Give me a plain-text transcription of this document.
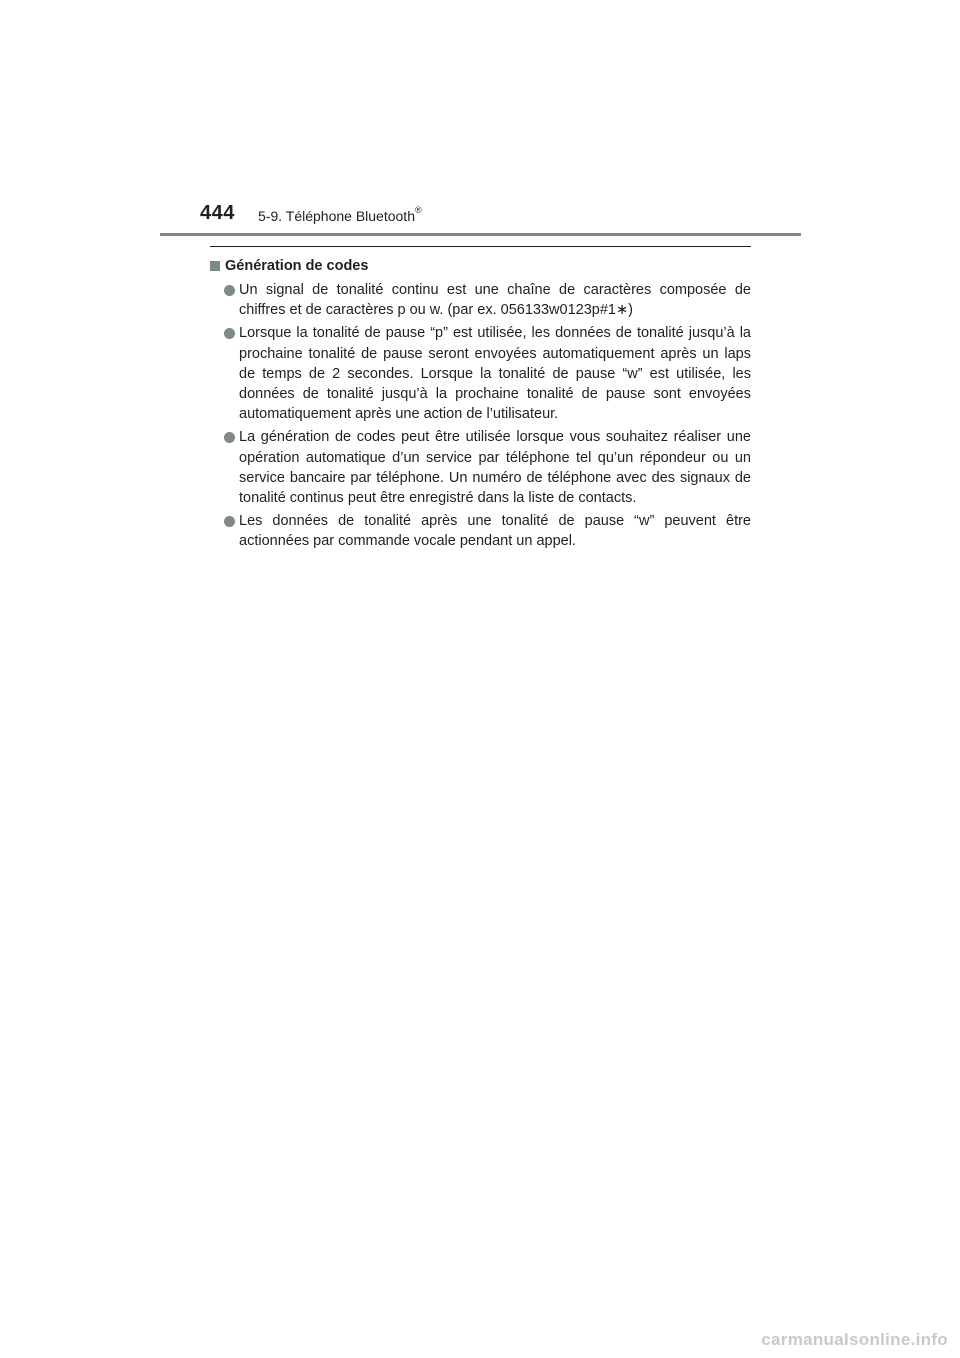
444 5-9. Téléphone Bluetooth®
Génération de codes
Un signal de tonalité continu est une chaîne de caractères composée de chiffres et de caractères p ou w. (par ex. 056133w0123p#1∗)
Lorsque la tonalité de pause “p” est utilisée, les données de tonalité jusqu’à la prochaine tonalité de pause seront envoyées automatiquement après un laps de temps de 2 secondes. Lorsque la tonalité de pause “w” est utilisée, les données de tonalité jusqu’à la prochaine tonalité de pause sont envoyées automatiquement après une action de l’utilisateur.
La génération de codes peut être utilisée lorsque vous souhaitez réaliser une opération automatique d’un service par téléphone tel qu’un répondeur ou un service bancaire par téléphone. Un numéro de téléphone avec des signaux de tonalité continus peut être enregistré dans la liste de contacts.
Les données de tonalité après une tonalité de pause “w” peuvent être actionnées par commande vocale pendant un appel.
carmanualsonline.info
